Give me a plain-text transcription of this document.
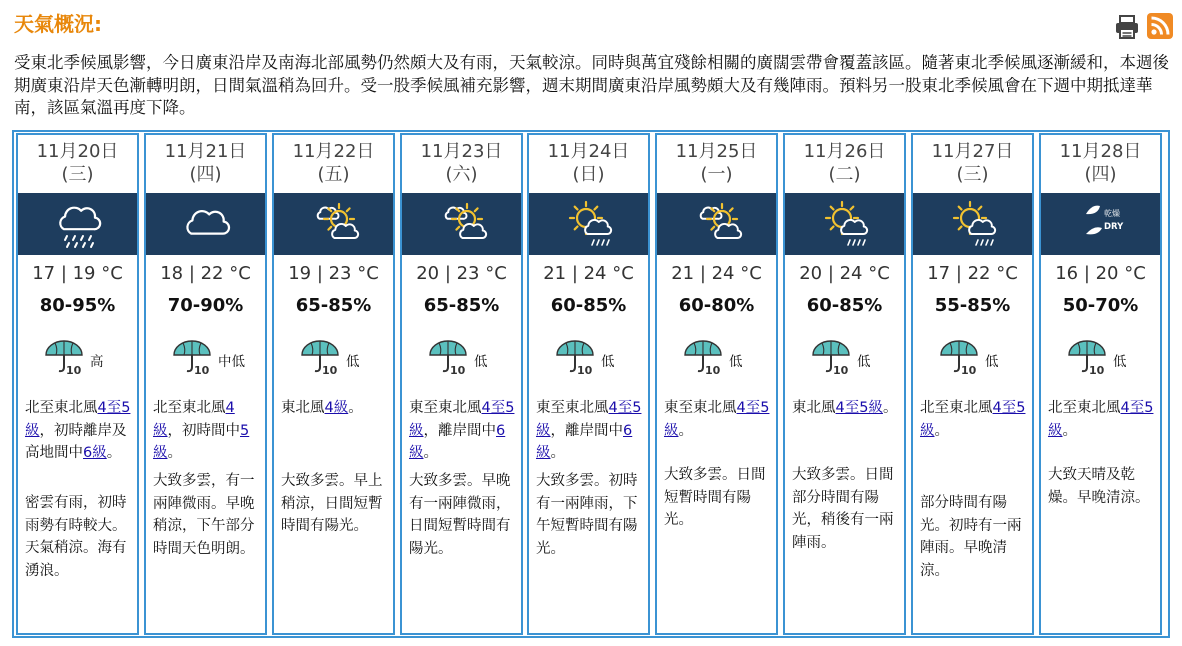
天氣概況:
受東北季候風影響，今日廣東沿岸及南海北部風勢仍然頗大及有雨，天氣較涼。同時與萬宜殘餘相關的廣闊雲帶會覆蓋該區。隨著東北季候風逐漸緩和，本週後期廣東沿岸天色漸轉明朗，日間氣溫稍為回升。受一股季候風補充影響，週末期間廣東沿岸風勢頗大及有幾陣雨。預料另一股東北季候風會在下週中期抵達華南，該區氣溫再度下降。
11月20日
(三)
17 | 19 °C
80-95%
10
高
北至東北風4至5級，初時離岸及高地間中6級。
密雲有雨，初時雨勢有時較大。天氣稍涼。海有湧浪。
11月21日
(四)
18 | 22 °C
70-90%
10
中低
北至東北風4級，初時間中5級。
大致多雲，有一兩陣微雨。早晚稍涼，下午部分時間天色明朗。
11月22日
(五)
19 | 23 °C
65-85%
10
低
東北風4級。
大致多雲。早上稍涼，日間短暫時間有陽光。
11月23日
(六)
20 | 23 °C
65-85%
10
低
東至東北風4至5級，離岸間中6級。
大致多雲。早晚有一兩陣微雨，日間短暫時間有陽光。
11月24日
(日)
21 | 24 °C
60-85%
10
低
東至東北風4至5級，離岸間中6級。
大致多雲。初時有一兩陣雨，下午短暫時間有陽光。
11月25日
(一)
21 | 24 °C
60-80%
10
低
東至東北風4至5級。
大致多雲。日間短暫時間有陽光。
11月26日
(二)
20 | 24 °C
60-85%
10
低
東北風4至5級。
大致多雲。日間部分時間有陽光，稍後有一兩陣雨。
11月27日
(三)
17 | 22 °C
55-85%
10
低
北至東北風4至5級。
部分時間有陽光。初時有一兩陣雨。早晚清涼。
11月28日
(四)
乾燥
DRY
16 | 20 °C
50-70%
10
低
北至東北風4至5級。
大致天晴及乾燥。早晚清涼。
